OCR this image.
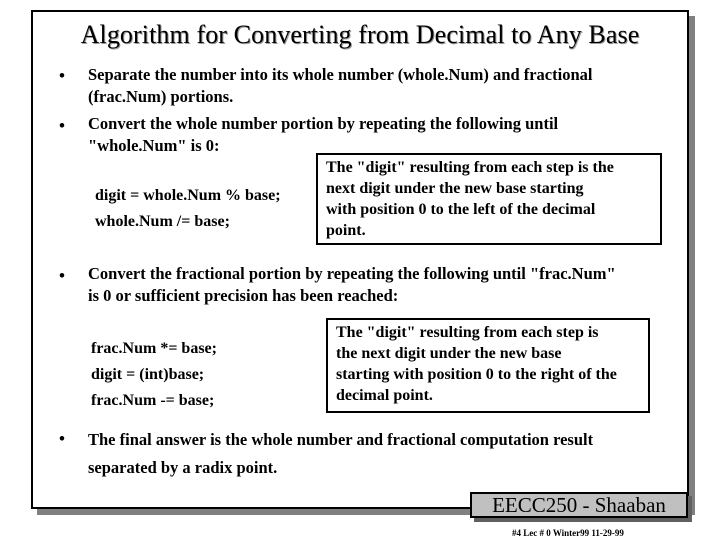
Algorithm for Converting from Decimal to Any Base
• Separate the number into its whole number (whole.Num) and fractional
(frac.Num) portions.
• Convert the whole number portion by repeating the following until
"whole.Num" is 0:
digit = whole.Num % base;
whole.Num /= base;
The "digit" resulting from each step is the
next digit under the new base starting
with position 0 to the left of the decimal
point.
• Convert the fractional portion by repeating the following until "frac.Num"
is 0 or sufficient precision has been reached:
frac.Num *= base;
digit = (int)base;
frac.Num -= base;
The "digit" resulting from each step is
the next digit under the new base
starting with position 0 to the right of the
decimal point.
• The final answer is the whole number and fractional computation result
separated by a radix point.
EECC250 - Shaaban
#4 Lec # 0 Winter99 11-29-99
